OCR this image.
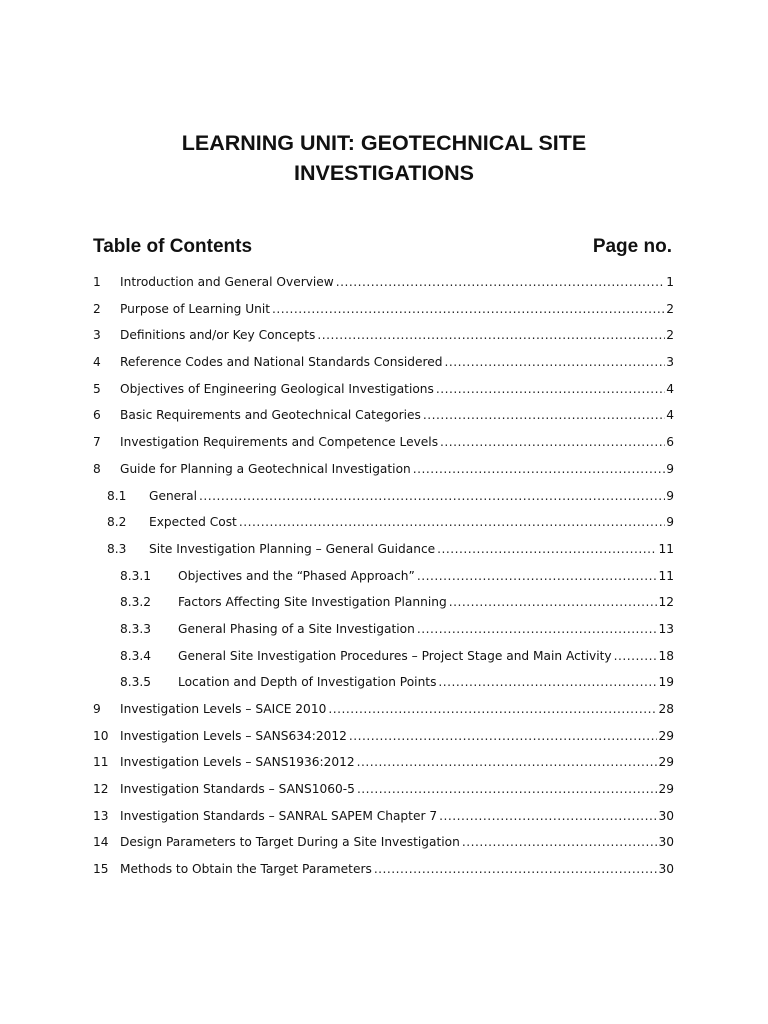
LEARNING UNIT: GEOTECHNICAL SITE
INVESTIGATIONS
Table of Contents	Page no.
1	Introduction and General Overview .....	1
2	Purpose of Learning Unit .....	2
3	Definitions and/or Key Concepts .....	2
4	Reference Codes and National Standards Considered .....	3
5	Objectives of Engineering Geological Investigations .....	4
6	Basic Requirements and Geotechnical Categories .....	4
7	Investigation Requirements and Competence Levels .....	6
8	Guide for Planning a Geotechnical Investigation .....	9
8.1	General .....	9
8.2	Expected Cost .....	9
8.3	Site Investigation Planning – General Guidance .....	11
8.3.1	Objectives and the “Phased Approach” .....	11
8.3.2	Factors Affecting Site Investigation Planning .....	12
8.3.3	General Phasing of a Site Investigation .....	13
8.3.4	General Site Investigation Procedures – Project Stage and Main Activity .....	18
8.3.5	Location and Depth of Investigation Points .....	19
9	Investigation Levels – SAICE 2010 .....	28
10 Investigation Levels – SANS634:2012 .....	29
11 Investigation Levels – SANS1936:2012 .....	29
12 Investigation Standards – SANS1060-5 .....	29
13 Investigation Standards – SANRAL SAPEM Chapter 7 .....	30
14 Design Parameters to Target During a Site Investigation .....	30
15 Methods to Obtain the Target Parameters .....	30
